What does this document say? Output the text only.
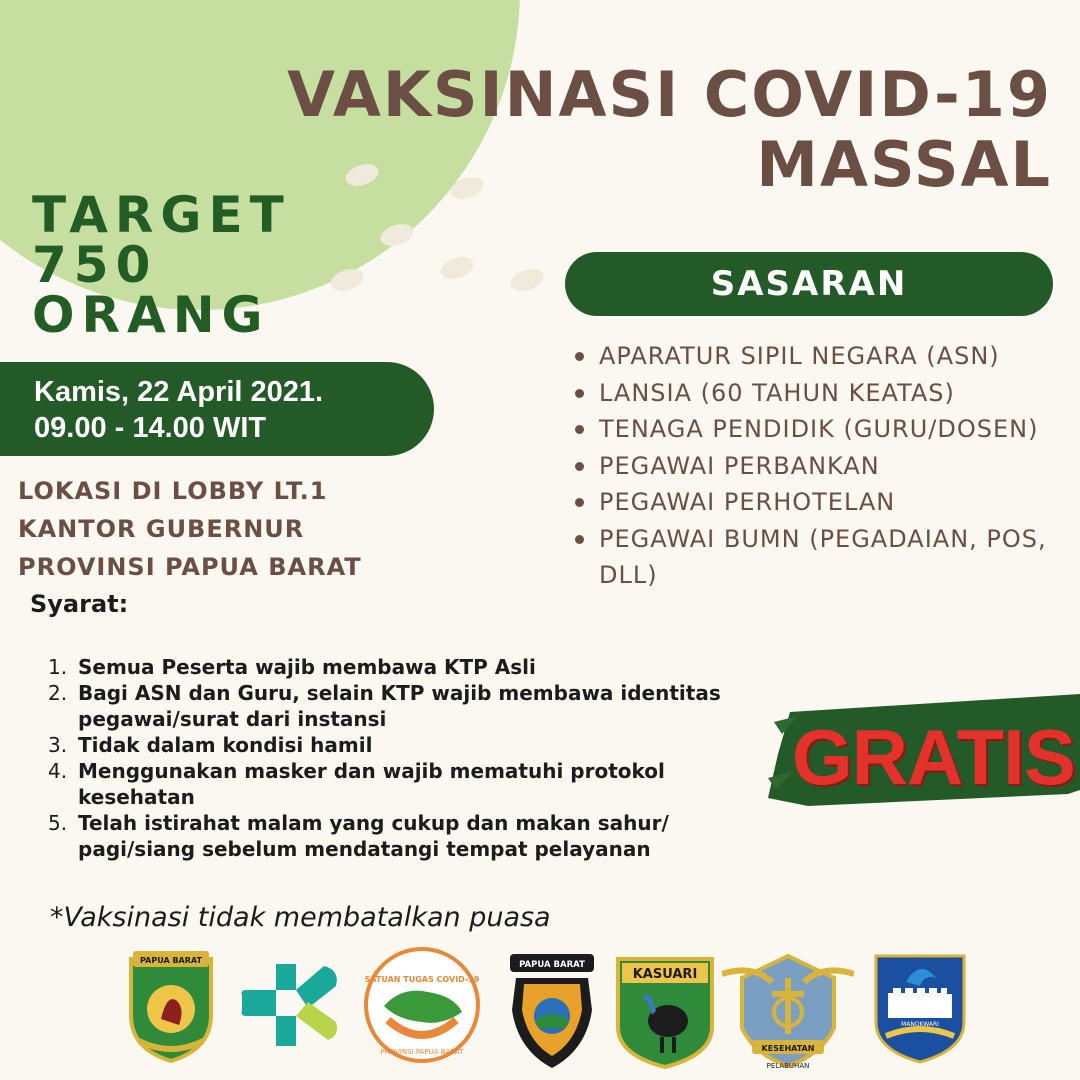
VAKSINASI COVID-19
MASSAL
TARGET
750
ORANG
Kamis, 22 April 2021.
09.00 - 14.00 WIT
LOKASI DI LOBBY LT.1
KANTOR GUBERNUR
PROVINSI PAPUA BARAT
Syarat:
1. Semua Peserta wajib membawa KTP Asli
2. Bagi ASN dan Guru, selain KTP wajib membawa identitas pegawai/surat dari instansi
3. Tidak dalam kondisi hamil
4. Menggunakan masker dan wajib mematuhi protokol kesehatan
5. Telah istirahat malam yang cukup dan makan sahur/ pagi/siang sebelum mendatangi tempat pelayanan
*Vaksinasi tidak membatalkan puasa
SASARAN
APARATUR SIPIL NEGARA (ASN)
LANSIA (60 TAHUN KEATAS)
TENAGA PENDIDIK (GURU/DOSEN)
PEGAWAI PERBANKAN
PEGAWAI PERHOTELAN
PEGAWAI BUMN (PEGADAIAN, POS, DLL)
GRATIS
PAPUA BARAT
SATUAN TUGAS COVID-19
PROVINSI PAPUA BARAT
PAPUA BARAT
KASUARI
KESEHATAN
PELABUHAN
MANOKWARI
